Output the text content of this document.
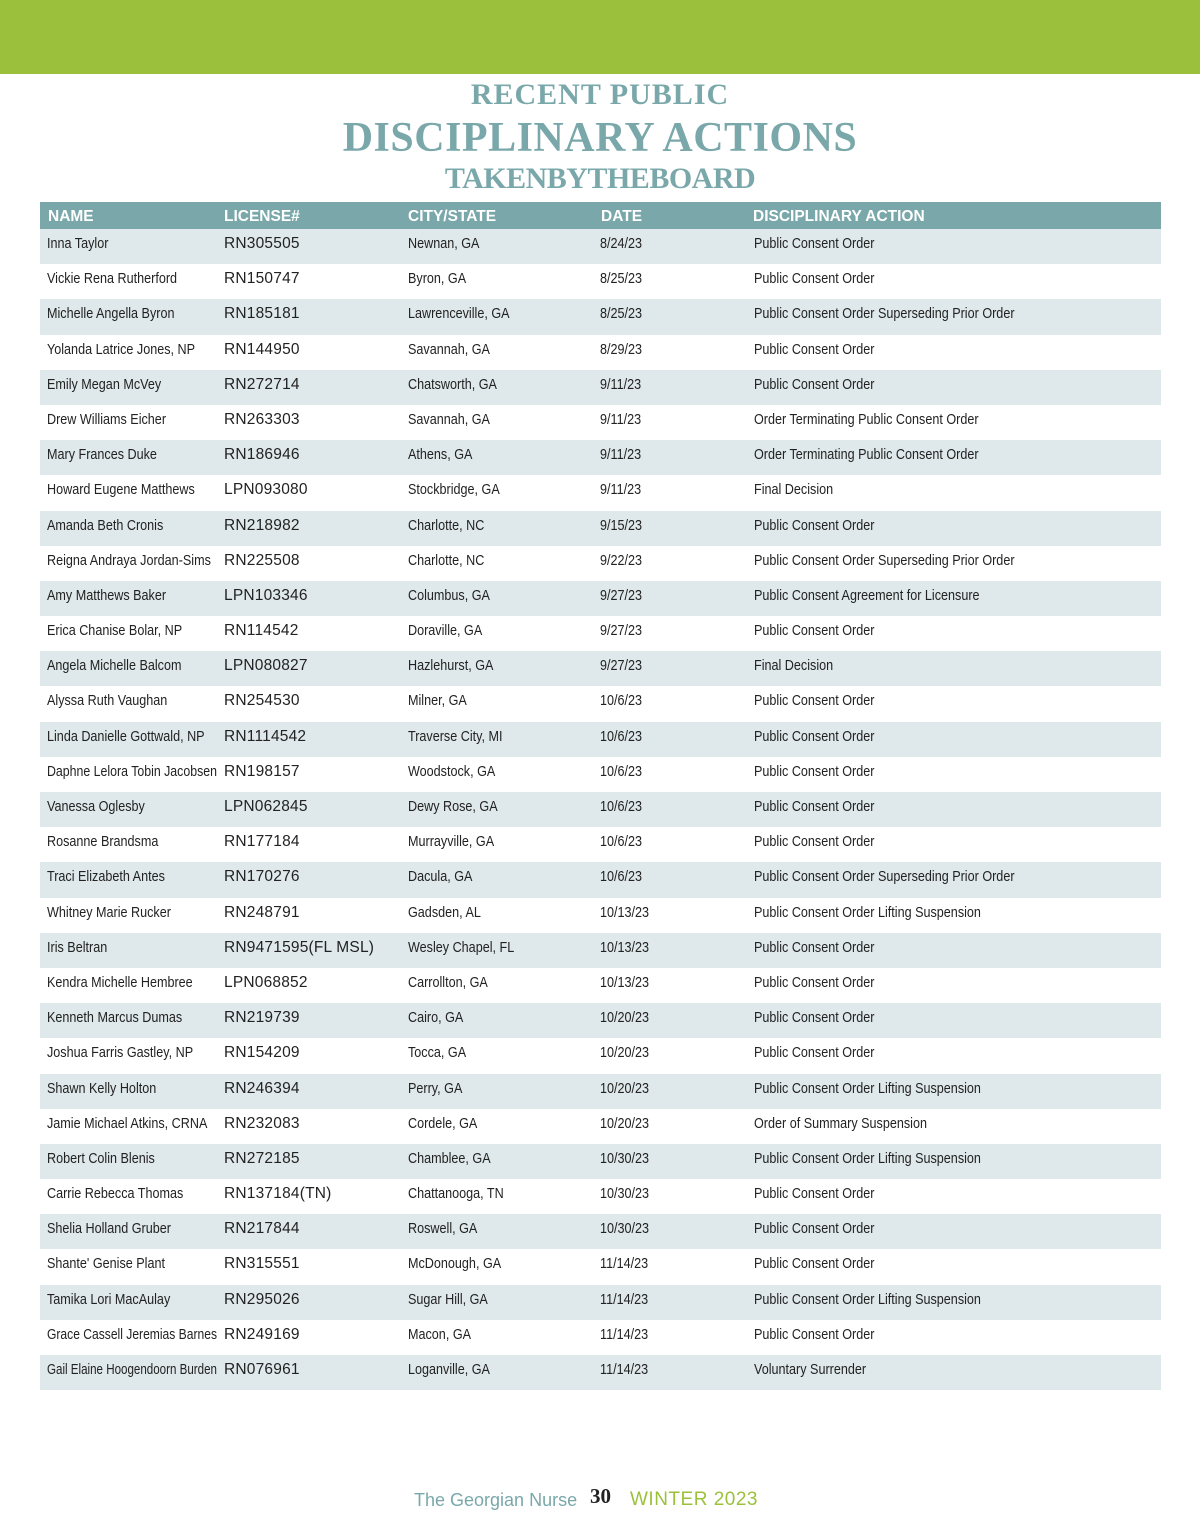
RECENT PUBLIC
DISCIPLINARY ACTIONS
TAKENBYTHEBOARD
NAME	LICENSE#	CITY/STATE	DATE	DISCIPLINARY ACTION
Inna Taylor	RN305505	Newnan, GA	8/24/23	Public Consent Order
Vickie Rena Rutherford	RN150747	Byron, GA	8/25/23	Public Consent Order
Michelle Angella Byron	RN185181	Lawrenceville, GA	8/25/23	Public Consent Order Superseding Prior Order
Yolanda Latrice Jones, NP	RN144950	Savannah, GA	8/29/23	Public Consent Order
Emily Megan McVey	RN272714	Chatsworth, GA	9/11/23	Public Consent Order
Drew Williams Eicher	RN263303	Savannah, GA	9/11/23	Order Terminating Public Consent Order
Mary Frances Duke	RN186946	Athens, GA	9/11/23	Order Terminating Public Consent Order
Howard Eugene Matthews	LPN093080	Stockbridge, GA	9/11/23	Final Decision
Amanda Beth Cronis	RN218982	Charlotte, NC	9/15/23	Public Consent Order
Reigna Andraya Jordan-Sims RN225508	Charlotte, NC	9/22/23	Public Consent Order Superseding Prior Order
Amy Matthews Baker	LPN103346	Columbus, GA	9/27/23	Public Consent Agreement for Licensure
Erica Chanise Bolar, NP	RN114542	Doraville, GA	9/27/23	Public Consent Order
Angela Michelle Balcom	LPN080827	Hazlehurst, GA	9/27/23	Final Decision
Alyssa Ruth Vaughan	RN254530	Milner, GA	10/6/23	Public Consent Order
Linda Danielle Gottwald, NP	RN1114542	Traverse City, MI	10/6/23	Public Consent Order
Daphne Lelora Tobin Jacobsen RN198157	Woodstock, GA	10/6/23	Public Consent Order
Vanessa Oglesby	LPN062845	Dewy Rose, GA	10/6/23	Public Consent Order
Rosanne Brandsma	RN177184	Murrayville, GA	10/6/23	Public Consent Order
Traci Elizabeth Antes	RN170276	Dacula, GA	10/6/23	Public Consent Order Superseding Prior Order
Whitney Marie Rucker	RN248791	Gadsden, AL	10/13/23	Public Consent Order Lifting Suspension
Iris Beltran	RN9471595(FL MSL)	Wesley Chapel, FL	10/13/23	Public Consent Order
Kendra Michelle Hembree	LPN068852	Carrollton, GA	10/13/23	Public Consent Order
Kenneth Marcus Dumas	RN219739	Cairo, GA	10/20/23	Public Consent Order
Joshua Farris Gastley, NP	RN154209	Tocca, GA	10/20/23	Public Consent Order
Shawn Kelly Holton	RN246394	Perry, GA	10/20/23	Public Consent Order Lifting Suspension
Jamie Michael Atkins, CRNA	RN232083	Cordele, GA	10/20/23	Order of Summary Suspension
Robert Colin Blenis	RN272185	Chamblee, GA	10/30/23	Public Consent Order Lifting Suspension
Carrie Rebecca Thomas	RN137184(TN)	Chattanooga, TN	10/30/23	Public Consent Order
Shelia Holland Gruber	RN217844	Roswell, GA	10/30/23	Public Consent Order
Shante' Genise Plant	RN315551	McDonough, GA	11/14/23	Public Consent Order
Tamika Lori MacAulay	RN295026	Sugar Hill, GA	11/14/23	Public Consent Order Lifting Suspension
Grace Cassell Jeremias Barnes RN249169	Macon, GA	11/14/23	Public Consent Order
Gail Elaine Hoogendoorn Burden RN076961	Loganville, GA	11/14/23	Voluntary Surrender
The Georgian Nurse 30 WINTER 2023
